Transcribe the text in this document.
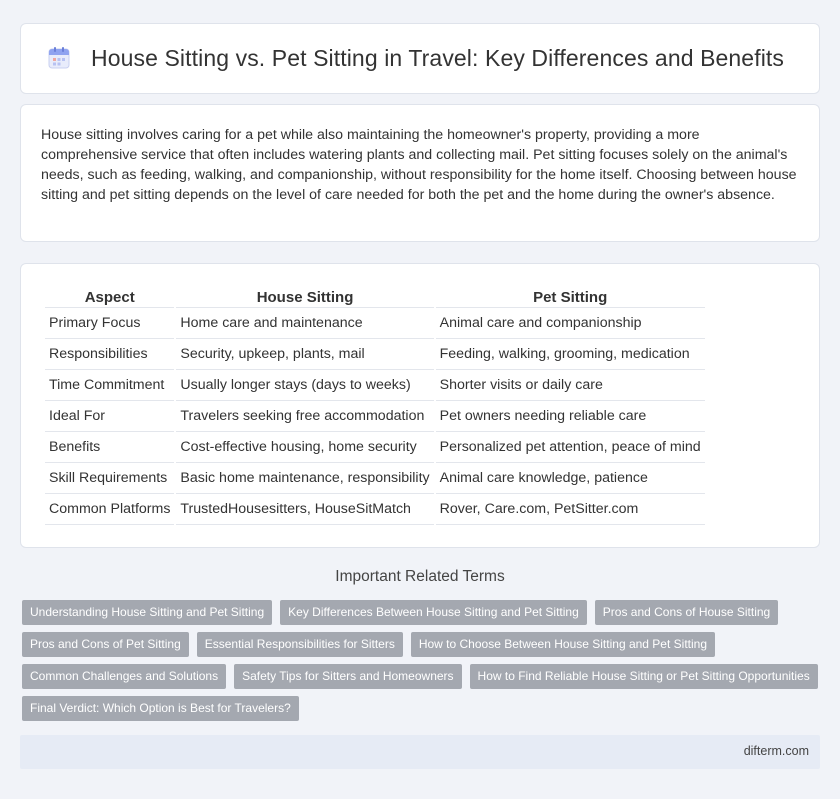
House Sitting vs. Pet Sitting in Travel: Key Differences and Benefits

House sitting involves caring for a pet while also maintaining the homeowner's property, providing a more comprehensive service that often includes watering plants and collecting mail. Pet sitting focuses solely on the animal's needs, such as feeding, walking, and companionship, without responsibility for the home itself. Choosing between house sitting and pet sitting depends on the level of care needed for both the pet and the home during the owner's absence.

Aspect	House Sitting	Pet Sitting
Primary Focus	Home care and maintenance	Animal care and companionship
Responsibilities	Security, upkeep, plants, mail	Feeding, walking, grooming, medication
Time Commitment	Usually longer stays (days to weeks)	Shorter visits or daily care
Ideal For	Travelers seeking free accommodation	Pet owners needing reliable care
Benefits	Cost-effective housing, home security	Personalized pet attention, peace of mind
Skill Requirements	Basic home maintenance, responsibility	Animal care knowledge, patience
Common Platforms	TrustedHousesitters, HouseSitMatch	Rover, Care.com, PetSitter.com
Important Related Terms
Understanding House Sitting and Pet Sitting	Key Differences Between House Sitting and Pet Sitting	Pros and Cons of House Sitting
Pros and Cons of Pet Sitting	Essential Responsibilities for Sitters	How to Choose Between House Sitting and Pet Sitting
Common Challenges and Solutions	Safety Tips for Sitters and Homeowners	How to Find Reliable House Sitting or Pet Sitting Opportunities
Final Verdict: Which Option is Best for Travelers?
difterm.com
